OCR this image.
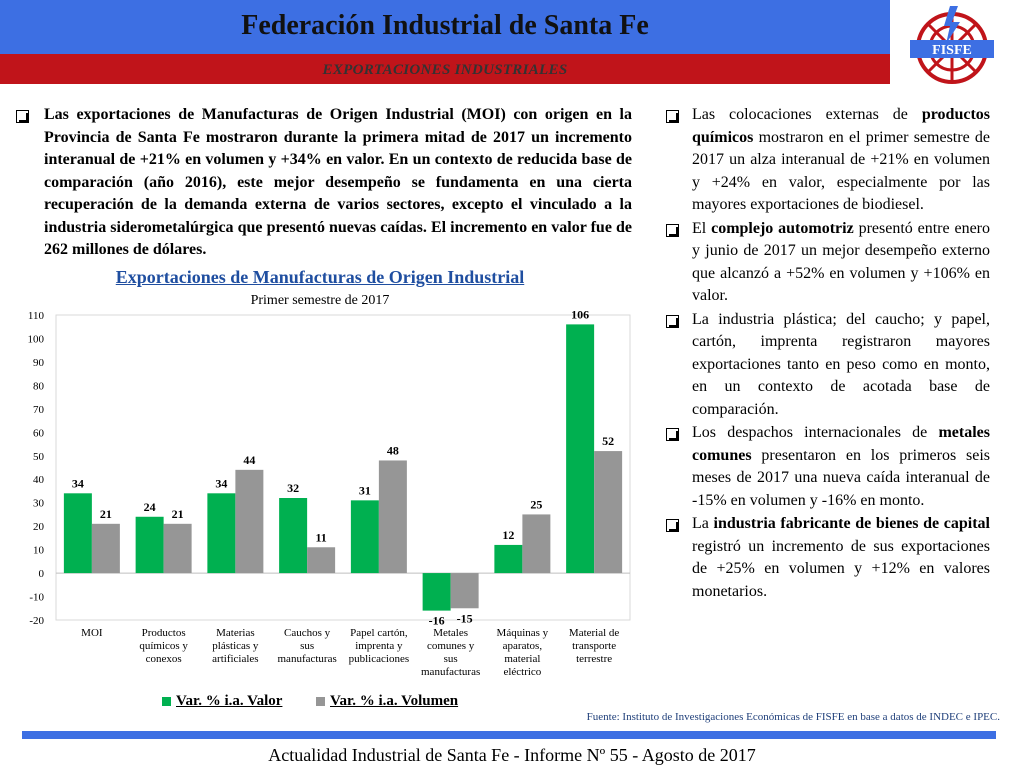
Federación Industrial de Santa Fe
EXPORTACIONES INDUSTRIALES
FISFE
Las exportaciones de Manufacturas de Origen Industrial (MOI) con origen en la Provincia de Santa Fe mostraron durante la primera mitad de 2017 un incremento interanual de +21% en volumen y +34% en valor. En un contexto de reducida base de comparación (año 2016), este mejor desempeño se fundamenta en una cierta recuperación de la demanda externa de varios sectores, excepto el vinculado a la industria siderometalúrgica que presentó nuevas caídas. El incremento en valor fue de 262 millones de dólares.
Las colocaciones externas de productos químicos mostraron en el primer semestre de 2017 un alza interanual de +21% en volumen y +24% en valor, especialmente por las mayores exportaciones de biodiesel.
El complejo automotriz presentó entre enero y junio de 2017 un mejor desempeño externo que alcanzó a +52% en volumen y +106% en valor.
La industria plástica; del caucho; y papel, cartón, imprenta registraron mayores exportaciones tanto en peso como en monto, en un contexto de acotada base de comparación.
Los despachos internacionales de metales comunes presentaron en los primeros seis meses de 2017 una nueva caída interanual de -15% en volumen y -16% en monto.
La industria fabricante de bienes de capital registró un incremento de sus exportaciones de +25% en volumen y +12% en valores monetarios.
Exportaciones de Manufacturas de Origen Industrial
Primer semestre de 2017
110
100
90
80
70
60
50
40
30
20
10
0
-10
-20
34
21
MOI
24
21
Productos
químicos y
conexos
34
44
Materias
plásticas y
artificiales
32
11
Cauchos y
sus
manufacturas
31
48
Papel cartón,
imprenta y
publicaciones
-16 -15
Metales
comunes y
sus
manufacturas
12
25
Máquinas y
aparatos,
material
eléctrico
106
52
Material de
transporte
terrestre
Var. % i.a. Valor	Var. % i.a. Volumen
Fuente: Instituto de Investigaciones Económicas de FISFE en base a datos de INDEC e IPEC.
Actualidad Industrial de Santa Fe - Informe Nº 55 - Agosto de 2017
